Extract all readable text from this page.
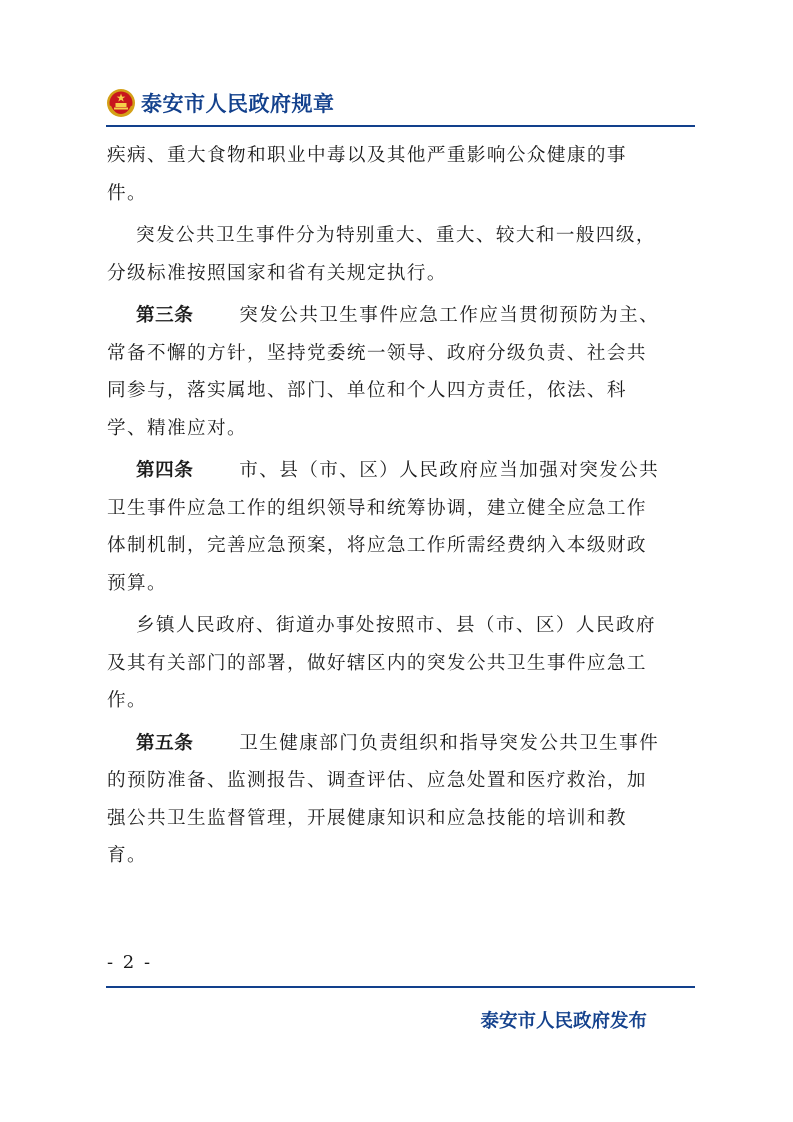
泰安市人民政府规章
疾病、重大食物和职业中毒以及其他严重影响公众健康的事
件。
突发公共卫生事件分为特别重大、重大、较大和一般四级，
分级标准按照国家和省有关规定执行。
第三条 突发公共卫生事件应急工作应当贯彻预防为主、
常备不懈的方针，坚持党委统一领导、政府分级负责、社会共
同参与，落实属地、部门、单位和个人四方责任，依法、科
学、精准应对。
第四条 市、县（市、区）人民政府应当加强对突发公共
卫生事件应急工作的组织领导和统筹协调，建立健全应急工作
体制机制，完善应急预案，将应急工作所需经费纳入本级财政
预算。
乡镇人民政府、街道办事处按照市、县（市、区）人民政府
及其有关部门的部署，做好辖区内的突发公共卫生事件应急工
作。
第五条 卫生健康部门负责组织和指导突发公共卫生事件
的预防准备、监测报告、调查评估、应急处置和医疗救治，加
强公共卫生监督管理，开展健康知识和应急技能的培训和教
育。
- 2 -
泰安市人民政府发布
